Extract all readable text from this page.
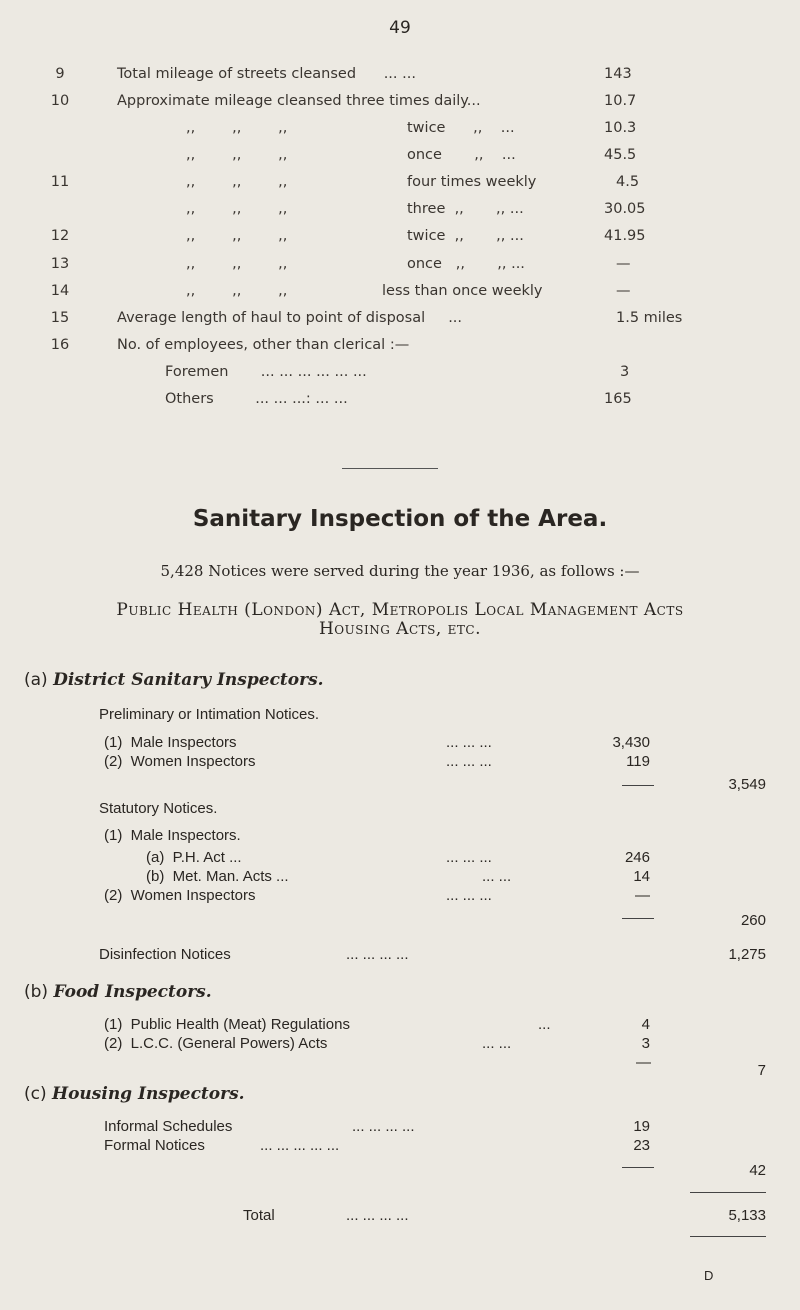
49
9	Total mileage of streets cleansed ... ...	143
10	Approximate mileage cleansed three times daily...	10.7
,,        ,,        ,,	twice      ,, ...	10.3
,,        ,,        ,,	once       ,, ...	45.5
11	,,        ,,        ,,	four times weekly	4.5
,,        ,,        ,,	three  ,,       ,, ...	30.05
12	,,        ,,        ,,	twice  ,,       ,, ...	41.95
13	,,        ,,        ,,	once   ,,       ,, ...	—
14	,,        ,,        ,,	less than once weekly	—
15	Average length of haul to point of disposal ...	1.5 miles
16	No. of employees, other than clerical :—
Foremen ... ... ... ... ... ...	3
Others	... ... ...: ... ...	165
Sanitary Inspection of the Area.
5,428 Notices were served during the year 1936, as follows :—
Public Health (London) Act, Metropolis Local Management Acts
Housing Acts, etc.
(a) District Sanitary Inspectors.
Preliminary or Intimation Notices.
(1)  Male Inspectors	... ... ...	3,430
(2)  Women Inspectors	... ... ...	119
3,549
Statutory Notices.
(1)  Male Inspectors.
(a)  P.H. Act ...	... ... ...	246
(b)  Met. Man. Acts ...	... ...	14
(2)  Women Inspectors	... ... ...	—
260
Disinfection Notices	... ... ... ...	1,275
(b) Food Inspectors.
(1)  Public Health (Meat) Regulations	...	4
(2)  L.C.C. (General Powers) Acts	... ...	3
—	7
(c) Housing Inspectors.
Informal Schedules	... ... ... ...	19
Formal Notices	... ... ... ... ...	23
42
Total	... ... ... ...	5,133
D
